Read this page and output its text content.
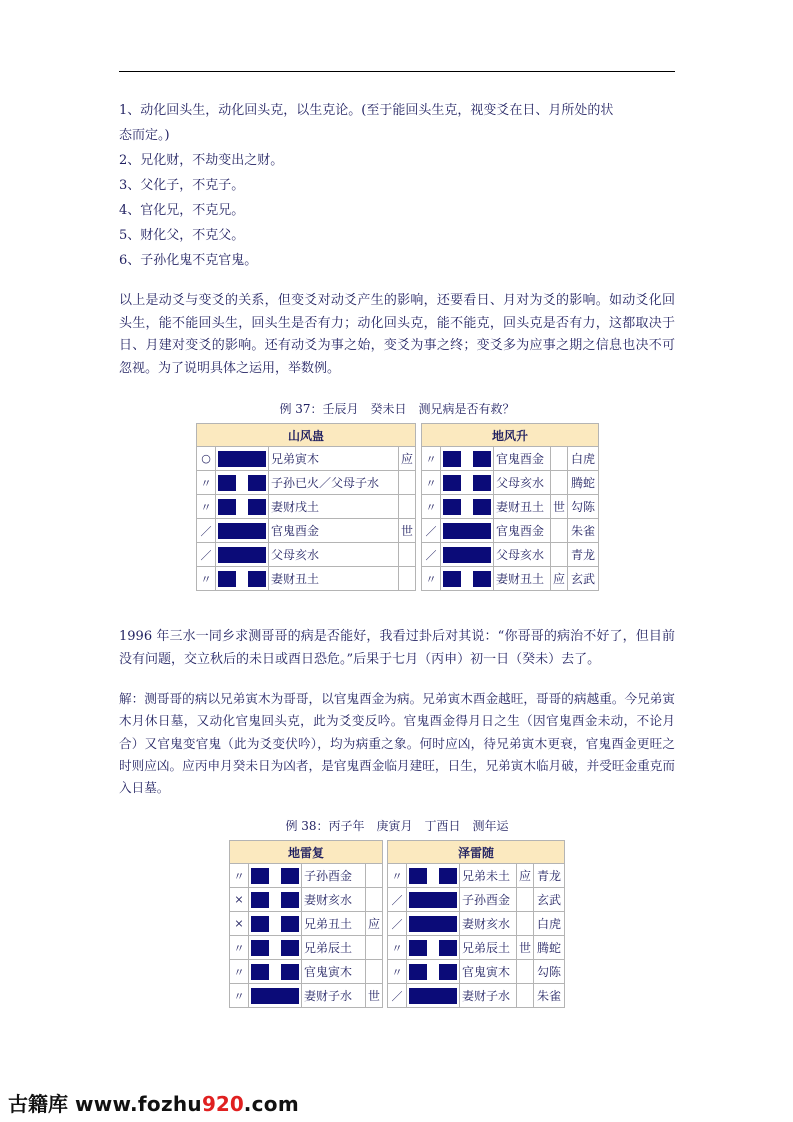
1、动化回头生，动化回头克，以生克论。(至于能回头生克，视变爻在日、月所处的状
态而定。)
2、兄化财，不劫变出之财。
3、父化子，不克子。
4、官化兄，不克兄。
5、财化父，不克父。
6、子孙化鬼不克官鬼。
以上是动爻与变爻的关系，但变爻对动爻产生的影响，还要看日、月对为爻的影响。如动爻化回头生，能不能回头生，回头生是否有力；动化回头克，能不能克，回头克是否有力，这都取决于日、月建对变爻的影响。还有动爻为事之始，变爻为事之终；变爻多为应事之期之信息也决不可忽视。为了说明具体之运用，举数例。
例 37：壬辰月　癸未日　测兄病是否有救？
山风蛊			
○		兄弟寅木	应
〃		子孙已火／父母子水	
〃		妻财戌土	
／		官鬼酉金	世
／		父母亥水	
〃		妻财丑土	
地风升				
〃		官鬼酉金		白虎
〃		父母亥水		腾蛇
〃		妻财丑土	世	勾陈
／		官鬼酉金		朱雀
／		父母亥水		青龙
〃		妻财丑土	应	玄武
1996 年三水一同乡求测哥哥的病是否能好，我看过卦后对其说：“你哥哥的病治不好了，但目前没有问题，交立秋后的未日或酉日恐危。”后果于七月（丙申）初一日（癸未）去了。
解：测哥哥的病以兄弟寅木为哥哥，以官鬼酉金为病。兄弟寅木酉金越旺，哥哥的病越重。今兄弟寅木月休日墓，又动化官鬼回头克，此为爻变反吟。官鬼酉金得月日之生（因官鬼酉金未动，不论月合）又官鬼变官鬼（此为爻变伏吟），均为病重之象。何时应凶，待兄弟寅木更衰，官鬼酉金更旺之时则应凶。应丙申月癸未日为凶者，是官鬼酉金临月建旺，日生，兄弟寅木临月破，并受旺金重克而入日墓。
例 38：丙子年　庚寅月　丁酉日　测年运
地雷复			
〃		子孙酉金	
×		妻财亥水	
×		兄弟丑土	应
〃		兄弟辰土	
〃		官鬼寅木	
〃		妻财子水	世
泽雷随				
〃		兄弟未土	应	青龙
／		子孙酉金		玄武
／		妻财亥水		白虎
〃		兄弟辰土	世	腾蛇
〃		官鬼寅木		勾陈
／		妻财子水		朱雀
古籍库 www.fozhu920.com
